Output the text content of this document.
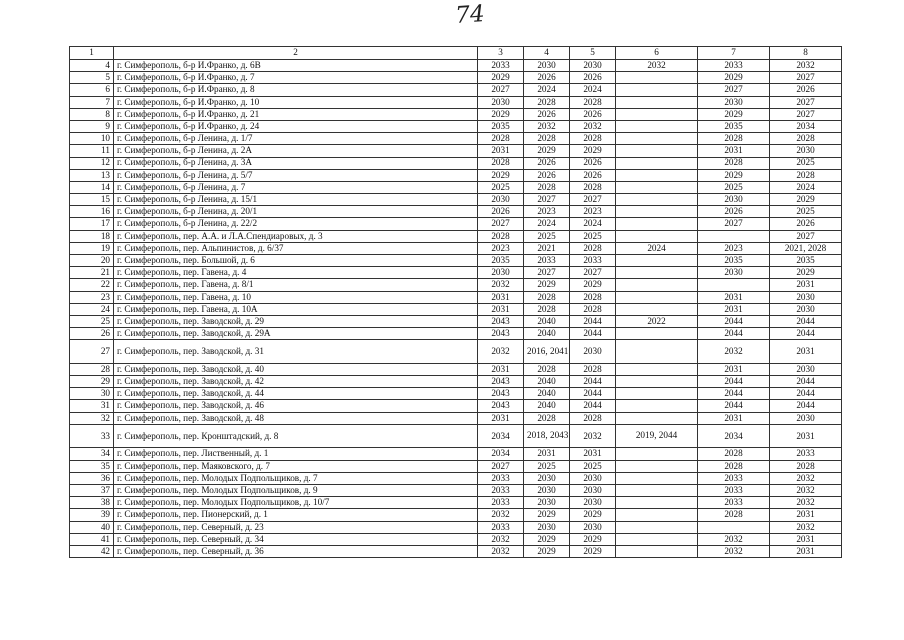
74
1	2	3	4	5	6	7	8
4	г. Симферополь, б-р И.Франко, д. 6В	2033	2030	2030	2032	2033	2032
5	г. Симферополь, б-р И.Франко, д. 7	2029	2026	2026		2029	2027
6	г. Симферополь, б-р И.Франко, д. 8	2027	2024	2024		2027	2026
7	г. Симферополь, б-р И.Франко, д. 10	2030	2028	2028		2030	2027
8	г. Симферополь, б-р И.Франко, д. 21	2029	2026	2026		2029	2027
9	г. Симферополь, б-р И.Франко, д. 24	2035	2032	2032		2035	2034
10	г. Симферополь, б-р Ленина, д. 1/7	2028	2028	2028		2028	2028
11	г. Симферополь, б-р Ленина, д. 2А	2031	2029	2029		2031	2030
12	г. Симферополь, б-р Ленина, д. 3А	2028	2026	2026		2028	2025
13	г. Симферополь, б-р Ленина, д. 5/7	2029	2026	2026		2029	2028
14	г. Симферополь, б-р Ленина, д. 7	2025	2028	2028		2025	2024
15	г. Симферополь, б-р Ленина, д. 15/1	2030	2027	2027		2030	2029
16	г. Симферополь, б-р Ленина, д. 20/1	2026	2023	2023		2026	2025
17	г. Симферополь, б-р Ленина, д. 22/2	2027	2024	2024		2027	2026
18	г. Симферополь, пер. А.А. и Л.А.Спендиаровых, д. 3	2028	2025	2025			2027
19	г. Симферополь, пер. Альпинистов, д. 6/37	2023	2021	2028	2024	2023	2021, 2028
20	г. Симферополь, пер. Большой, д. 6	2035	2033	2033		2035	2035
21	г. Симферополь, пер. Гавена, д. 4	2030	2027	2027		2030	2029
22	г. Симферополь, пер. Гавена, д. 8/1	2032	2029	2029			2031
23	г. Симферополь, пер. Гавена, д. 10	2031	2028	2028		2031	2030
24	г. Симферополь, пер. Гавена, д. 10А	2031	2028	2028		2031	2030
25	г. Симферополь, пер. Заводской, д. 29	2043	2040	2044	2022	2044	2044
26	г. Симферополь, пер. Заводской, д. 29А	2043	2040	2044		2044	2044
27	г. Симферополь, пер. Заводской, д. 31	2032	2016, 2041	2030		2032	2031
28	г. Симферополь, пер. Заводской, д. 40	2031	2028	2028		2031	2030
29	г. Симферополь, пер. Заводской, д. 42	2043	2040	2044		2044	2044
30	г. Симферополь, пер. Заводской, д. 44	2043	2040	2044		2044	2044
31	г. Симферополь, пер. Заводской, д. 46	2043	2040	2044		2044	2044
32	г. Симферополь, пер. Заводской, д. 48	2031	2028	2028		2031	2030
33	г. Симферополь, пер. Кронштадский, д. 8	2034	2018, 2043	2032	2019, 2044	2034	2031
34	г. Симферополь, пер. Лиственный, д. 1	2034	2031	2031		2028	2033
35	г. Симферополь, пер. Маяковского, д. 7	2027	2025	2025		2028	2028
36	г. Симферополь, пер. Молодых Подпольщиков, д. 7	2033	2030	2030		2033	2032
37	г. Симферополь, пер. Молодых Подпольщиков, д. 9	2033	2030	2030		2033	2032
38	г. Симферополь, пер. Молодых Подпольщиков, д. 10/7	2033	2030	2030		2033	2032
39	г. Симферополь, пер. Пионерский, д. 1	2032	2029	2029		2028	2031
40	г. Симферополь, пер. Северный, д. 23	2033	2030	2030			2032
41	г. Симферополь, пер. Северный, д. 34	2032	2029	2029		2032	2031
42	г. Симферополь, пер. Северный, д. 36	2032	2029	2029		2032	2031
